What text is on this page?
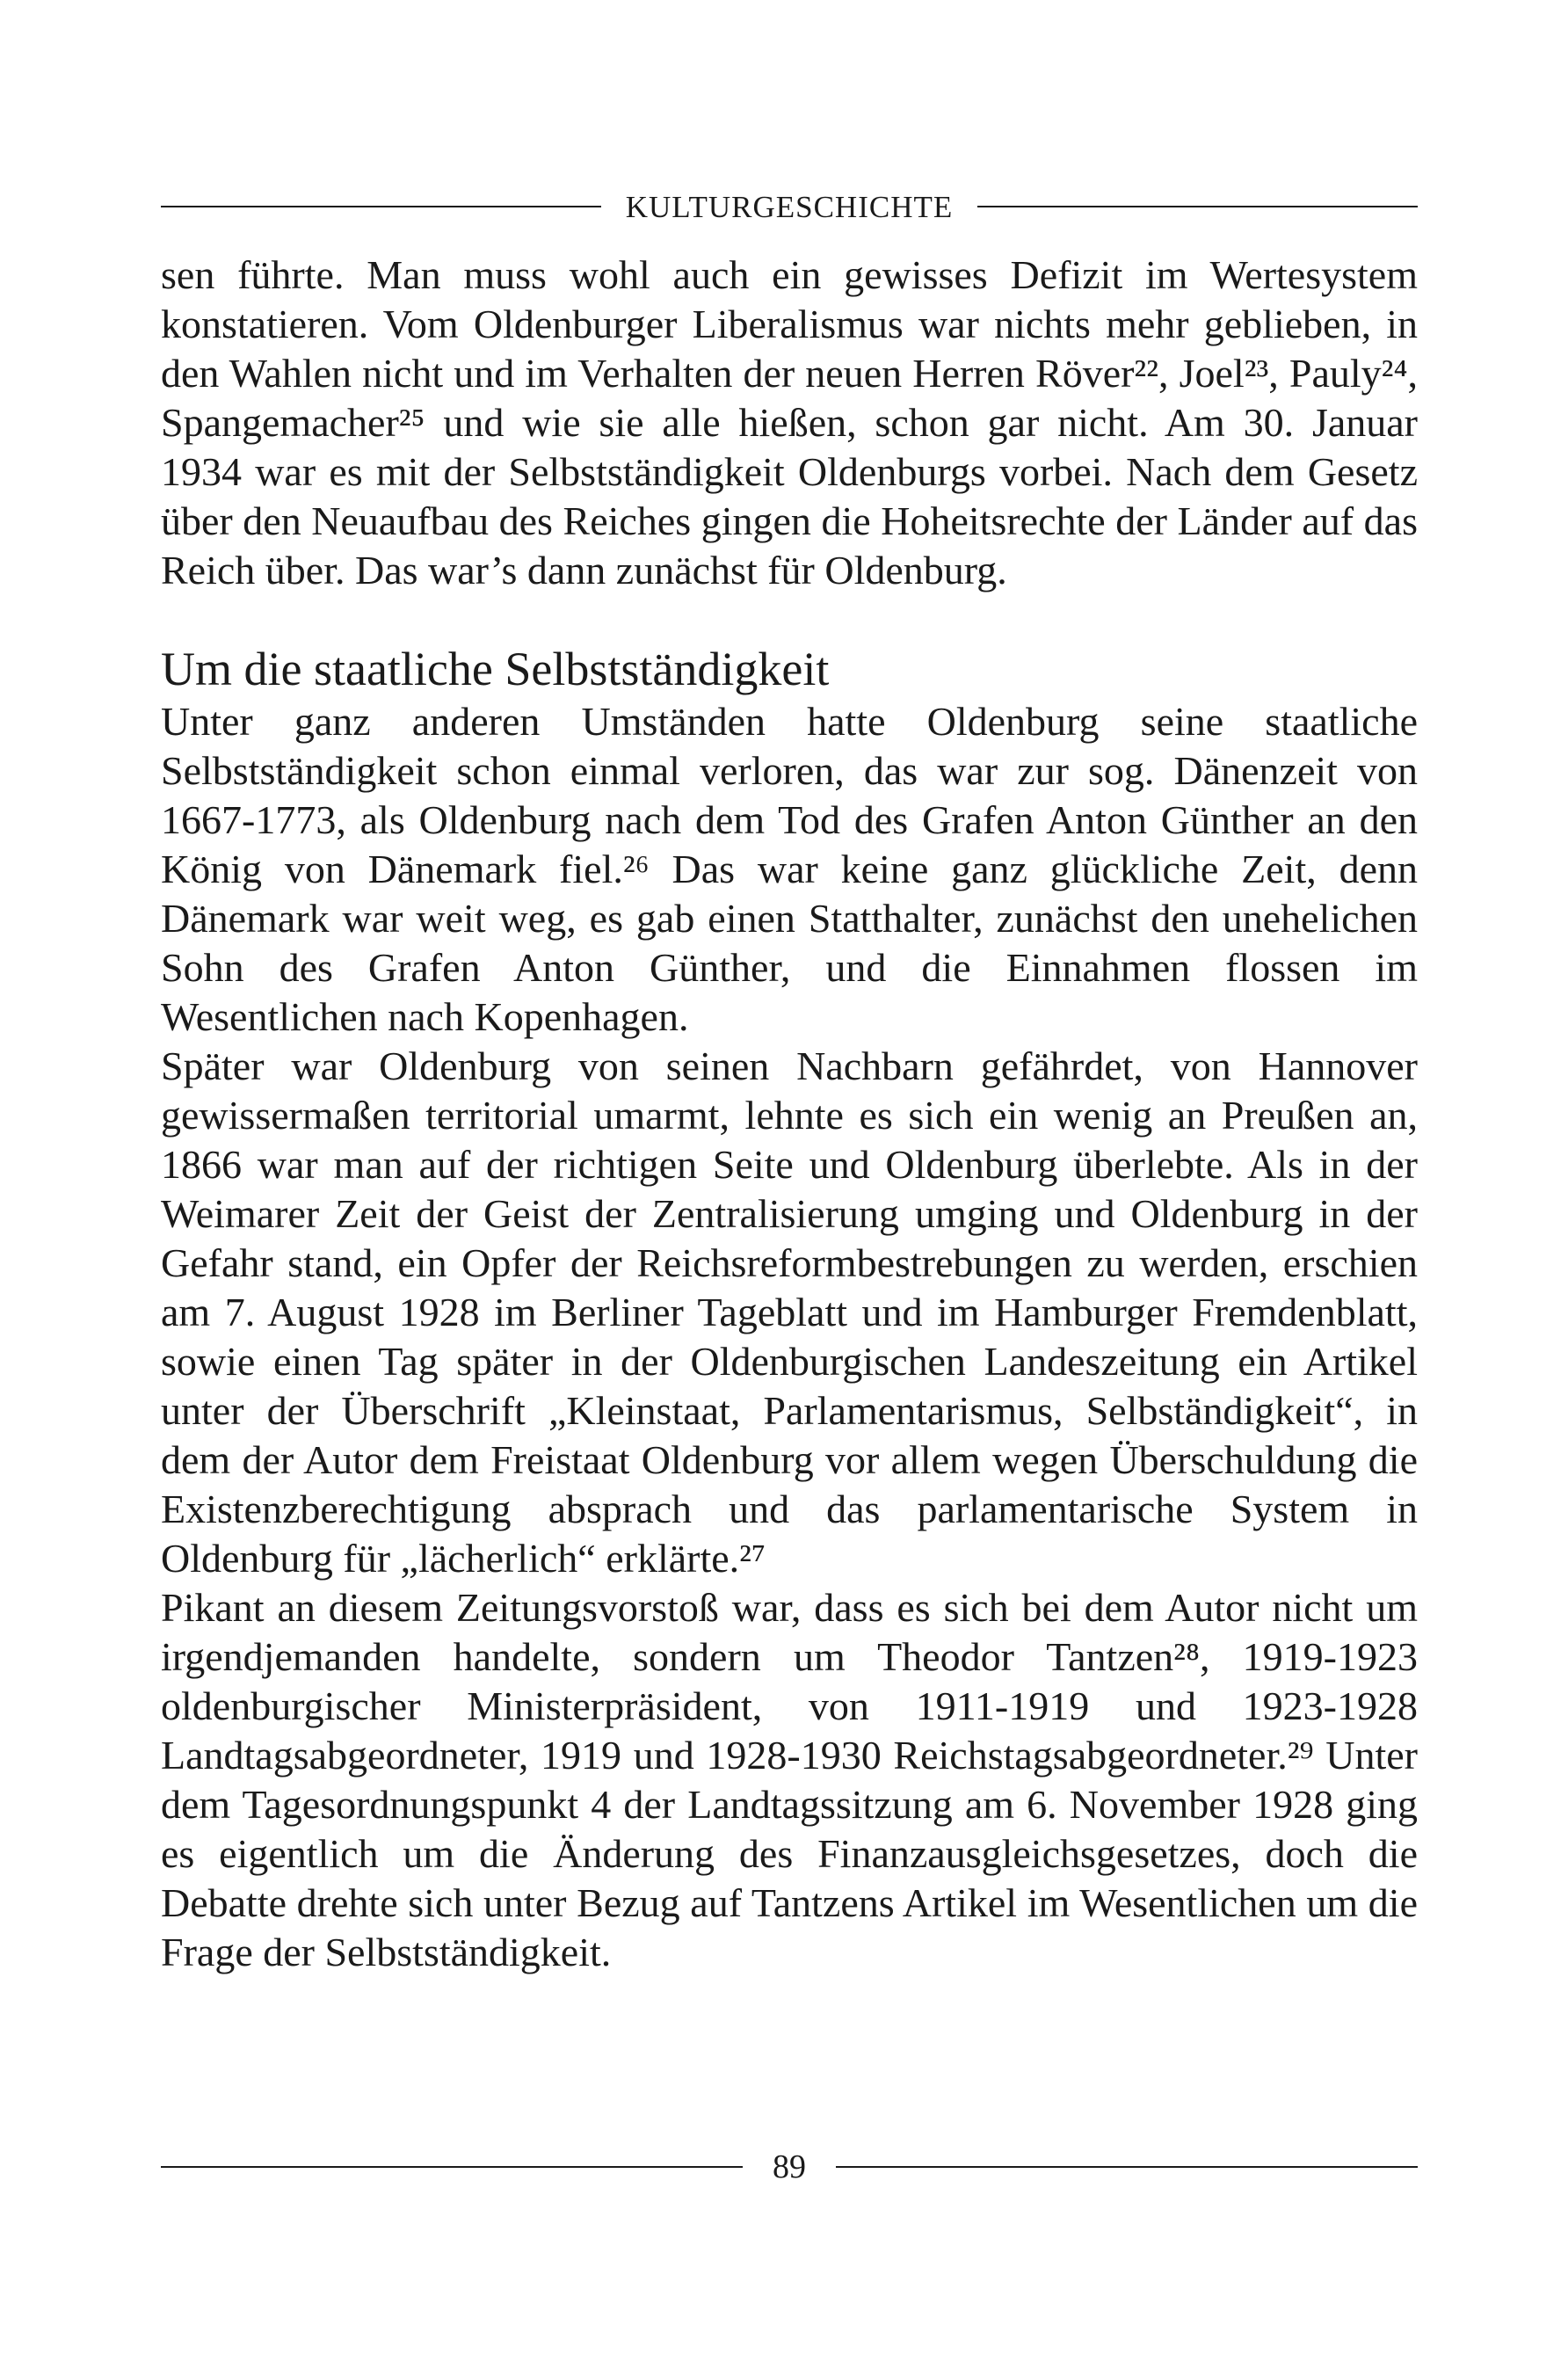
KULTURGESCHICHTE

sen führte. Man muss wohl auch ein gewisses Defizit im Wertesystem konstatieren. Vom Oldenburger Liberalismus war nichts mehr geblieben, in den Wahlen nicht und im Verhalten der neuen Herren Röver²², Joel²³, Pauly²⁴, Spangemacher²⁵ und wie sie alle hießen, schon gar nicht. Am 30. Januar 1934 war es mit der Selbstständigkeit Oldenburgs vorbei. Nach dem Gesetz über den Neuaufbau des Reiches gingen die Hoheitsrechte der Länder auf das Reich über. Das war’s dann zunächst für Oldenburg.

Um die staatliche Selbstständigkeit

Unter ganz anderen Umständen hatte Oldenburg seine staatliche Selbstständigkeit schon einmal verloren, das war zur sog. Dänenzeit von 1667-1773, als Oldenburg nach dem Tod des Grafen Anton Günther an den König von Dänemark fiel.²⁶ Das war keine ganz glückliche Zeit, denn Dänemark war weit weg, es gab einen Statthalter, zunächst den unehelichen Sohn des Grafen Anton Günther, und die Einnahmen flossen im Wesentlichen nach Kopenhagen.

Später war Oldenburg von seinen Nachbarn gefährdet, von Hannover gewissermaßen territorial umarmt, lehnte es sich ein wenig an Preußen an, 1866 war man auf der richtigen Seite und Oldenburg überlebte. Als in der Weimarer Zeit der Geist der Zentralisierung umging und Oldenburg in der Gefahr stand, ein Opfer der Reichsreformbestrebungen zu werden, erschien am 7. August 1928 im Berliner Tageblatt und im Hamburger Fremdenblatt, sowie einen Tag später in der Oldenburgischen Landeszeitung ein Artikel unter der Überschrift „Kleinstaat, Parlamentarismus, Selbständigkeit“, in dem der Autor dem Freistaat Oldenburg vor allem wegen Überschuldung die Existenzberechtigung absprach und das parlamentarische System in Oldenburg für „lächerlich“ erklärte.²⁷

Pikant an diesem Zeitungsvorstoß war, dass es sich bei dem Autor nicht um irgendjemanden handelte, sondern um Theodor Tantzen²⁸, 1919-1923 oldenburgischer Ministerpräsident, von 1911-1919 und 1923-1928 Landtagsabgeordneter, 1919 und 1928-1930 Reichstagsabgeordneter.²⁹ Unter dem Tagesordnungspunkt 4 der Landtagssitzung am 6. November 1928 ging es eigentlich um die Änderung des Finanzausgleichsgesetzes, doch die Debatte drehte sich unter Bezug auf Tantzens Artikel im Wesentlichen um die Frage der Selbstständigkeit.

89
